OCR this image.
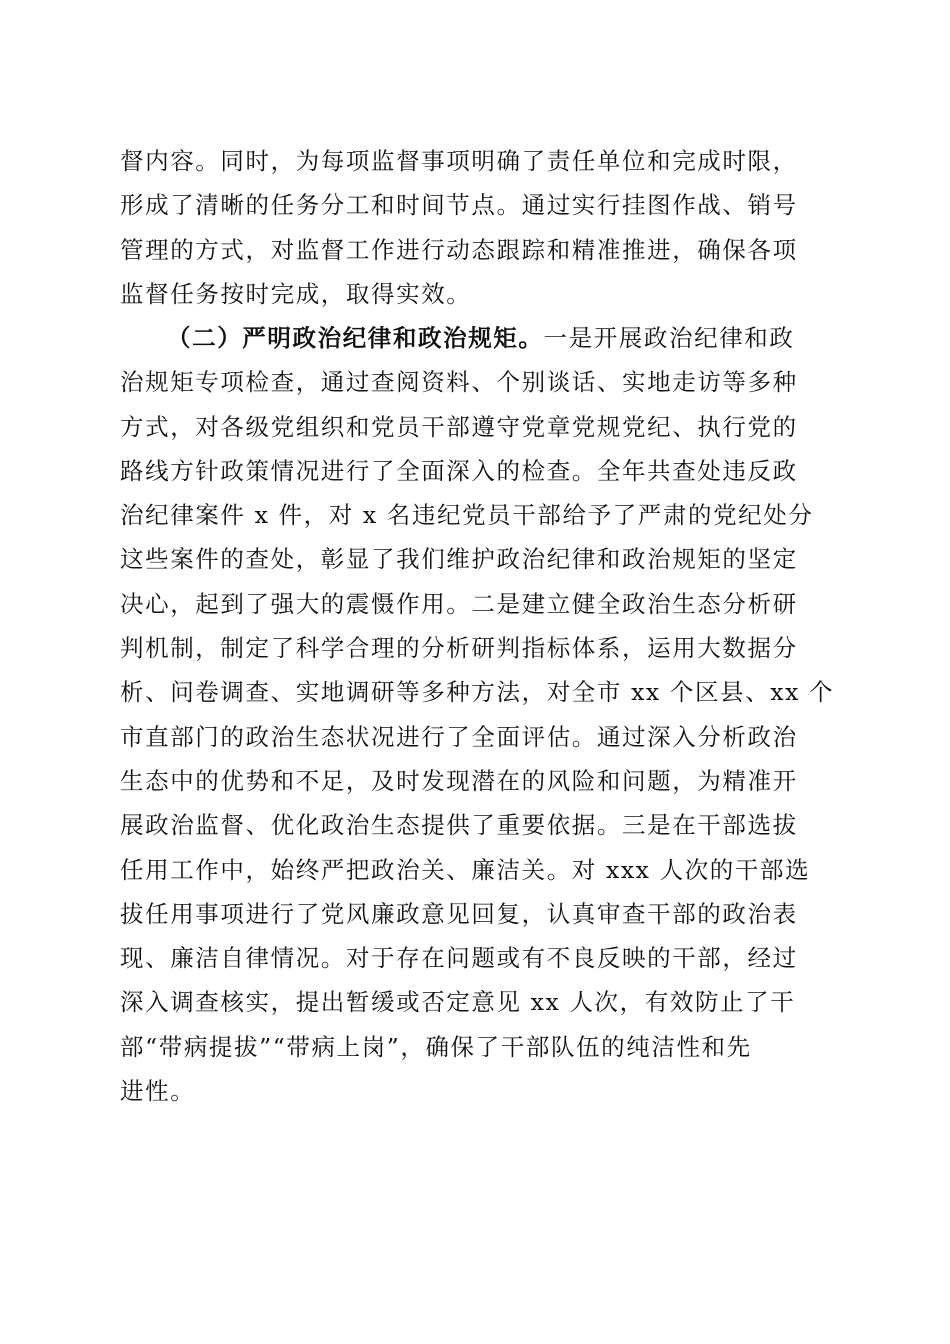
督内容。同时，为每项监督事项明确了责任单位和完成时限，
形成了清晰的任务分工和时间节点。通过实行挂图作战、销号
管理的方式，对监督工作进行动态跟踪和精准推进，确保各项
监督任务按时完成，取得实效。
（二）严明政治纪律和政治规矩。一是开展政治纪律和政
治规矩专项检查，通过查阅资料、个别谈话、实地走访等多种
方式，对各级党组织和党员干部遵守党章党规党纪、执行党的
路线方针政策情况进行了全面深入的检查。全年共查处违反政
治纪律案件 x 件，对 x 名违纪党员干部给予了严肃的党纪处分
这些案件的查处，彰显了我们维护政治纪律和政治规矩的坚定
决心，起到了强大的震慑作用。二是建立健全政治生态分析研
判机制，制定了科学合理的分析研判指标体系，运用大数据分
析、问卷调查、实地调研等多种方法，对全市 xx 个区县、xx 个
市直部门的政治生态状况进行了全面评估。通过深入分析政治
生态中的优势和不足，及时发现潜在的风险和问题，为精准开
展政治监督、优化政治生态提供了重要依据。三是在干部选拔
任用工作中，始终严把政治关、廉洁关。对 xxx 人次的干部选
拔任用事项进行了党风廉政意见回复，认真审查干部的政治表
现、廉洁自律情况。对于存在问题或有不良反映的干部，经过
深入调查核实，提出暂缓或否定意见 xx 人次，有效防止了干
部“带病提拔”“带病上岗”，确保了干部队伍的纯洁性和先
进性。
